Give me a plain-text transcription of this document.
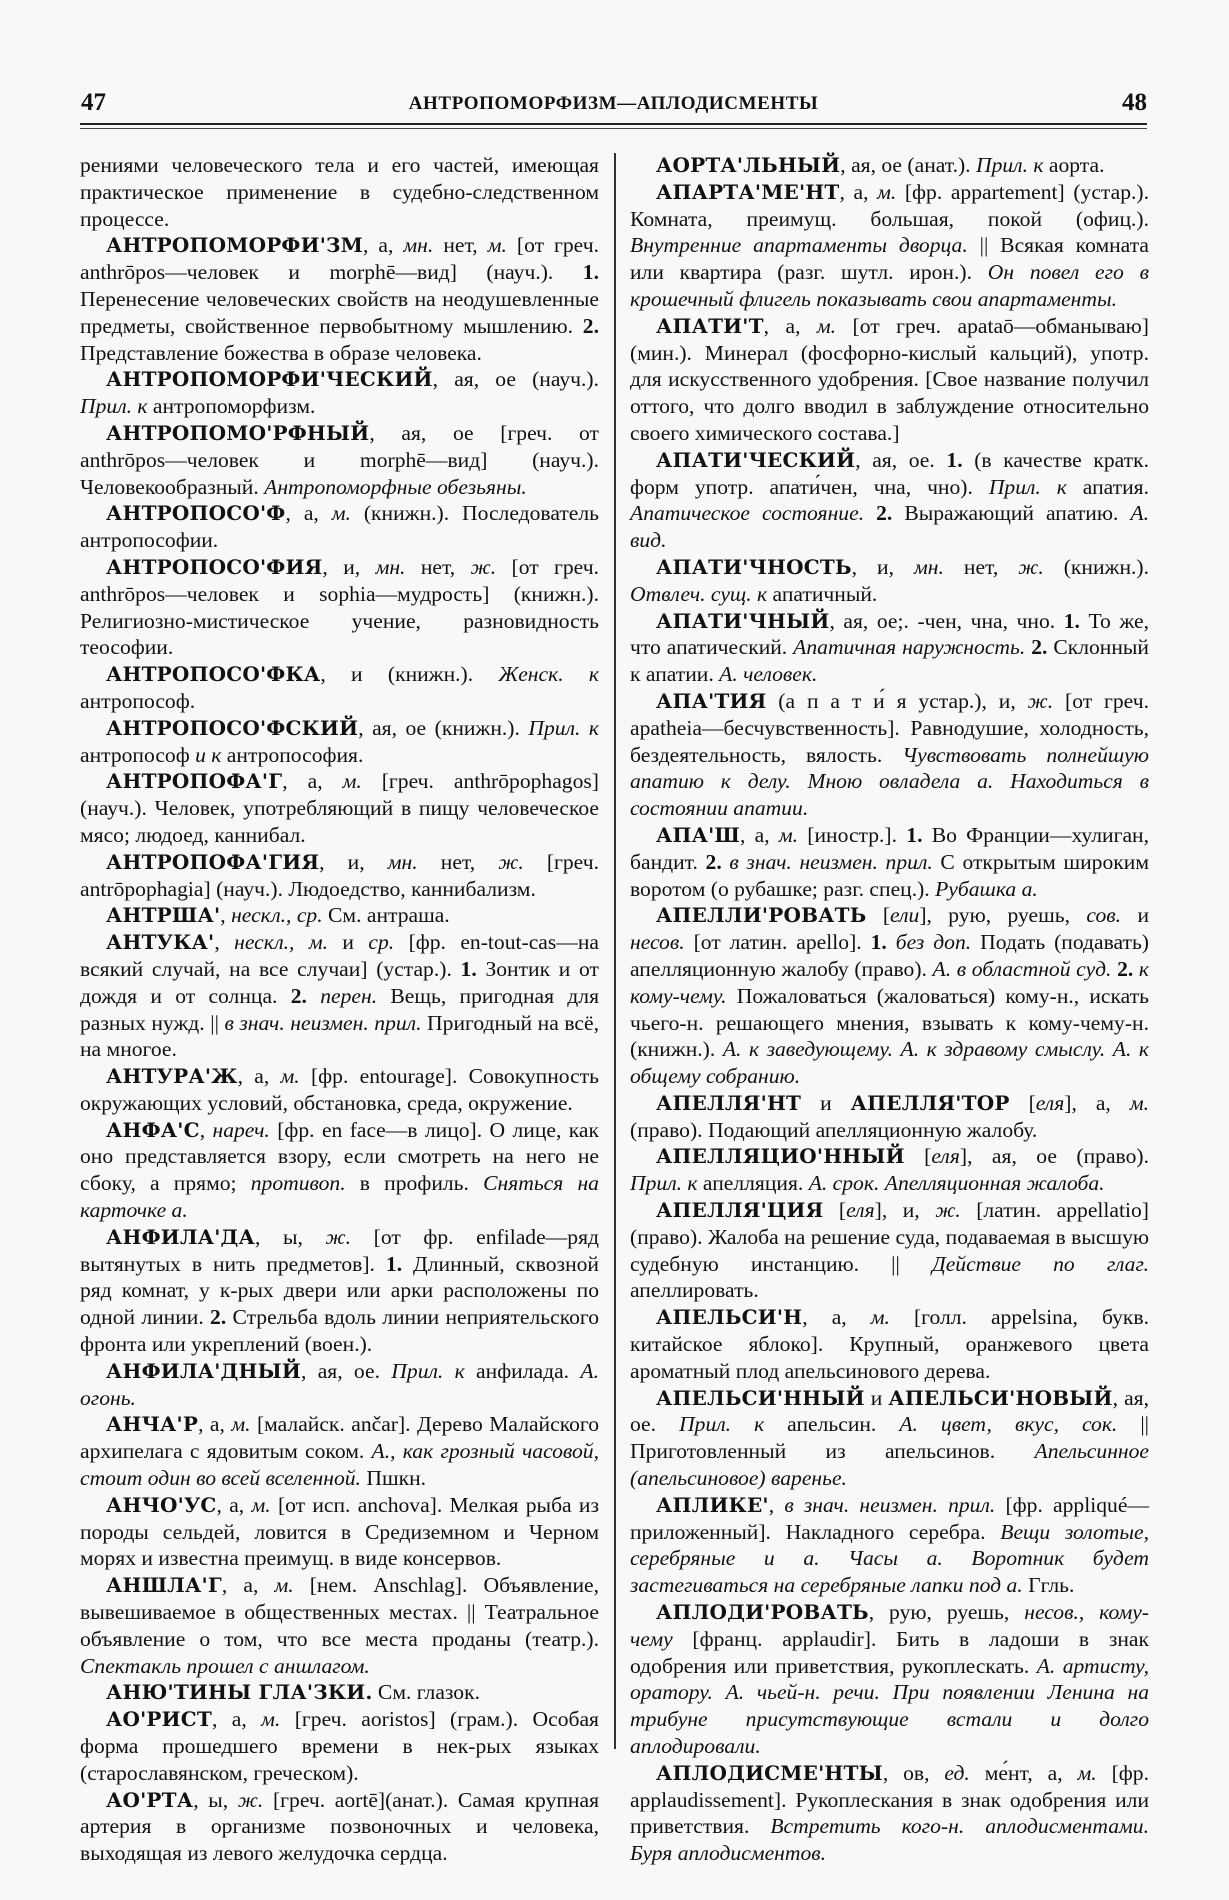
47	АНТРОПОМОРФИЗМ—АПЛОДИСМЕНТЫ	48

рениями человеческого тела и его частей, имеющая практическое применение в судебно-следственном процессе.

АНТРОПОМОРФИ'ЗМ, а, мн. нет, м. [от греч. anthrōpos—человек и morphē—вид] (науч.). 1. Перенесение человеческих свойств на неодушевленные предметы, свойственное первобытному мышлению. 2. Представление божества в образе человека.

АНТРОПОМОРФИ'ЧЕСКИЙ, ая, ое (науч.). Прил. к антропоморфизм.

АНТРОПОМО'РФНЫЙ, ая, ое [греч. от anthrōpos—человек и morphē—вид] (науч.). Человекообразный. Антропоморфные обезьяны.

АНТРОПОСО'Ф, а, м. (книжн.). Последователь антропософии.

АНТРОПОСО'ФИЯ, и, мн. нет, ж. [от греч. anthrōpos—человек и sophia—мудрость] (книжн.). Религиозно-мистическое учение, разновидность теософии.

АНТРОПОСО'ФКА, и (книжн.). Женск. к антропософ.

АНТРОПОСО'ФСКИЙ, ая, ое (книжн.). Прил. к антропософ и к антропософия.

АНТРОПОФА'Г, а, м. [греч. anthrōpophagos] (науч.). Человек, употребляющий в пищу человеческое мясо; людоед, каннибал.

АНТРОПОФА'ГИЯ, и, мн. нет, ж. [греч. antrōpophagia] (науч.). Людоедство, каннибализм.

АНТРША', нескл., ср. См. антраша.

АНТУКА', нескл., м. и ср. [фр. en-tout-cas—на всякий случай, на все случаи] (устар.). 1. Зонтик и от дождя и от солнца. 2. перен. Вещь, пригодная для разных нужд. || в знач. неизмен. прил. Пригодный на всё, на многое.

АНТУРА'Ж, а, м. [фр. entourage]. Совокупность окружающих условий, обстановка, среда, окружение.

АНФА'С, нареч. [фр. en face—в лицо]. О лице, как оно представляется взору, если смотреть на него не сбоку, а прямо; противоп. в профиль. Сняться на карточке а.

АНФИЛА'ДА, ы, ж. [от фр. enfilade—ряд вытянутых в нить предметов]. 1. Длинный, сквозной ряд комнат, у к-рых двери или арки расположены по одной линии. 2. Стрельба вдоль линии неприятельского фронта или укреплений (воен.).

АНФИЛА'ДНЫЙ, ая, ое. Прил. к анфилада. А. огонь.

АНЧА'Р, а, м. [малайск. ančar]. Дерево Малайского архипелага с ядовитым соком. А., как грозный часовой, стоит один во всей вселенной. Пшкн.

АНЧО'УС, а, м. [от исп. anchova]. Мелкая рыба из породы сельдей, ловится в Средиземном и Черном морях и известна преимущ. в виде консервов.

АНШЛА'Г, а, м. [нем. Anschlag]. Объявление, вывешиваемое в общественных местах. || Театральное объявление о том, что все места проданы (театр.). Спектакль прошел с аншлагом.

АНЮ'ТИНЫ ГЛА'ЗКИ. См. глазок.

АО'РИСТ, а, м. [греч. aoristos] (грам.). Особая форма прошедшего времени в нек-рых языках (старославянском, греческом).

АО'РТА, ы, ж. [греч. aortē](анат.). Самая крупная артерия в организме позвоночных и человека, выходящая из левого желудочка сердца.

АОРТА'ЛЬНЫЙ, ая, ое (анат.). Прил. к аорта.

АПАРТА'МЕ'НТ, а, м. [фр. appartement] (устар.). Комната, преимущ. большая, покой (офиц.). Внутренние апартаменты дворца. || Всякая комната или квартира (разг. шутл. ирон.). Он повел его в крошечный флигель показывать свои апартаменты.

АПАТИ'Т, а, м. [от греч. apataō—обманываю] (мин.). Минерал (фосфорно-кислый кальций), употр. для искусственного удобрения. [Свое название получил оттого, что долго вводил в заблуждение относительно своего химического состава.]

АПАТИ'ЧЕСКИЙ, ая, ое. 1. (в качестве кратк. форм употр. апати́чен, чна, чно). Прил. к апатия. Апатическое состояние. 2. Выражающий апатию. А. вид.

АПАТИ'ЧНОСТЬ, и, мн. нет, ж. (книжн.). Отвлеч. сущ. к апатичный.

АПАТИ'ЧНЫЙ, ая, ое;. -чен, чна, чно. 1. То же, что апатический. Апатичная наружность. 2. Склонный к апатии. А. человек.

АПА'ТИЯ (а п а т и́ я устар.), и, ж. [от греч. apatheia—бесчувственность]. Равнодушие, холодность, бездеятельность, вялость. Чувствовать полнейшую апатию к делу. Мною овладела а. Находиться в состоянии апатии.

АПА'Ш, а, м. [иностр.]. 1. Во Франции—хулиган, бандит. 2. в знач. неизмен. прил. С открытым широким воротом (о рубашке; разг. спец.). Рубашка а.

АПЕЛЛИ'РОВАТЬ [ели], рую, руешь, сов. и несов. [от латин. apello]. 1. без доп. Подать (подавать) апелляционную жалобу (право). А. в областной суд. 2. к кому-чему. Пожаловаться (жаловаться) кому-н., искать чьего-н. решающего мнения, взывать к кому-чему-н. (книжн.). А. к заведующему. А. к здравому смыслу. А. к общему собранию.

АПЕЛЛЯ'НТ и АПЕЛЛЯ'ТОР [еля], а, м. (право). Подающий апелляционную жалобу.

АПЕЛЛЯЦИО'ННЫЙ [еля], ая, ое (право). Прил. к апелляция. А. срок. Апелляционная жалоба.

АПЕЛЛЯ'ЦИЯ [еля], и, ж. [латин. appellatio] (право). Жалоба на решение суда, подаваемая в высшую судебную инстанцию. || Действие по глаг. апеллировать.

АПЕЛЬСИ'Н, а, м. [голл. appelsina, букв. китайское яблоко]. Крупный, оранжевого цвета ароматный плод апельсинового дерева.

АПЕЛЬСИ'ННЫЙ и АПЕЛЬСИ'НОВЫЙ, ая, ое. Прил. к апельсин. А. цвет, вкус, сок. || Приготовленный из апельсинов. Апельсинное (апельсиновое) варенье.

АПЛИКЕ', в знач. неизмен. прил. [фр. appliqué—приложенный]. Накладного серебра. Вещи золотые, серебряные и а. Часы а. Воротник будет застегиваться на серебряные лапки под а. Ггль.

АПЛОДИ'РОВАТЬ, рую, руешь, несов., кому-чему [франц. applaudir]. Бить в ладоши в знак одобрения или приветствия, рукоплескать. А. артисту, оратору. А. чьей-н. речи. При появлении Ленина на трибуне присутствующие встали и долго аплодировали.

АПЛОДИСМЕ'НТЫ, ов, ед. ме́нт, а, м. [фр. applaudissement]. Рукоплескания в знак одобрения или приветствия. Встретить кого-н. аплодисментами. Буря аплодисментов.
